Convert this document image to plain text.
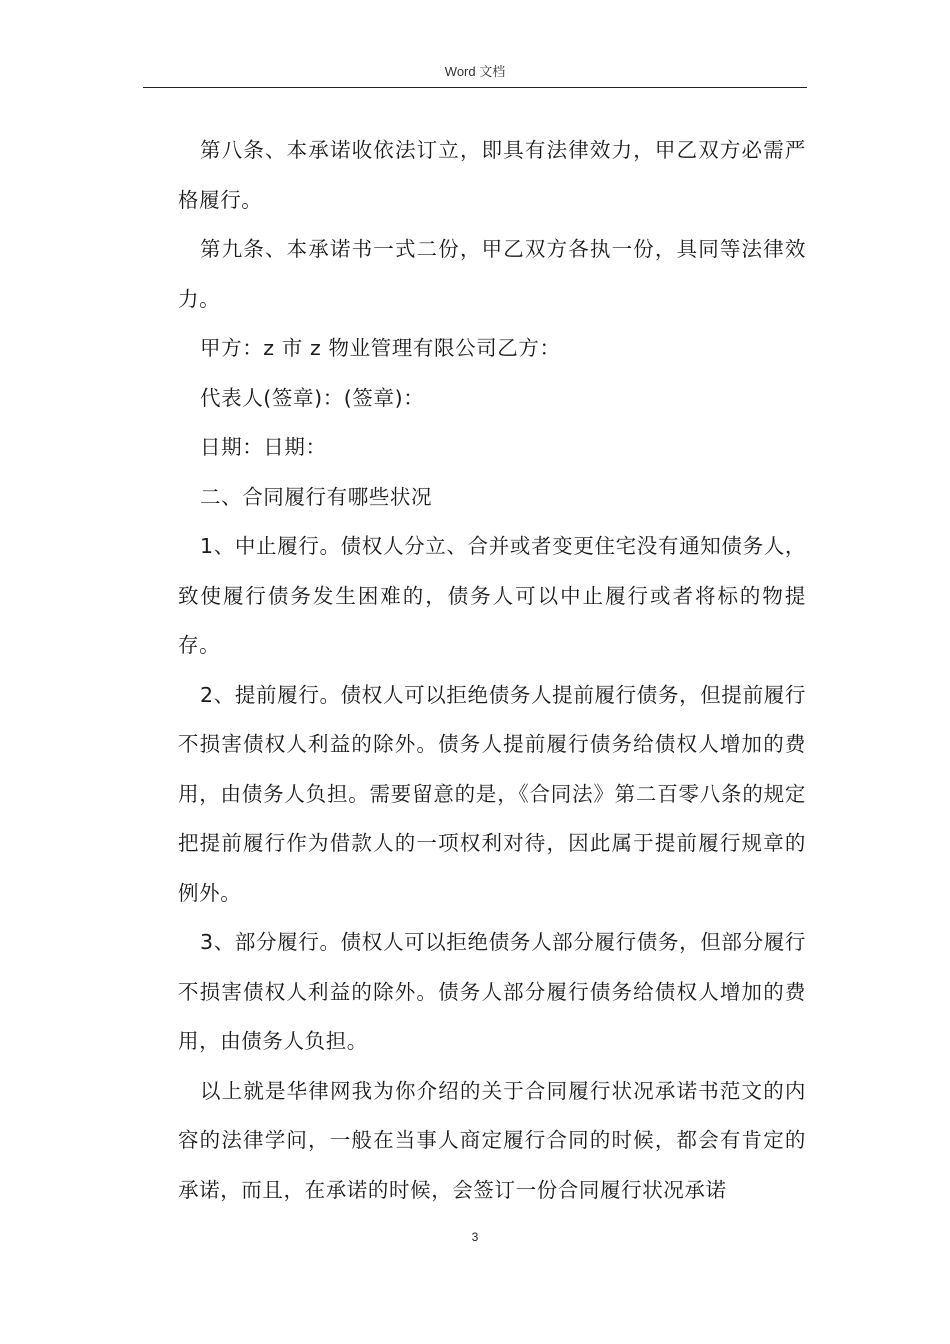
Word 文档

第八条、本承诺收依法订立，即具有法律效力，甲乙双方必需严格履行。

第九条、本承诺书一式二份，甲乙双方各执一份，具同等法律效力。

甲方：z 市 z 物业管理有限公司乙方：

代表人(签章)：(签章)：

日期：日期：

二、合同履行有哪些状况

1、中止履行。债权人分立、合并或者变更住宅没有通知债务人，致使履行债务发生困难的，债务人可以中止履行或者将标的物提存。

2、提前履行。债权人可以拒绝债务人提前履行债务，但提前履行不损害债权人利益的除外。债务人提前履行债务给债权人增加的费用，由债务人负担。需要留意的是，《合同法》第二百零八条的规定把提前履行作为借款人的一项权利对待，因此属于提前履行规章的例外。

3、部分履行。债权人可以拒绝债务人部分履行债务，但部分履行不损害债权人利益的除外。债务人部分履行债务给债权人增加的费用，由债务人负担。

以上就是华律网我为你介绍的关于合同履行状况承诺书范文的内容的法律学问，一般在当事人商定履行合同的时候，都会有肯定的承诺，而且，在承诺的时候，会签订一份合同履行状况承诺

3
